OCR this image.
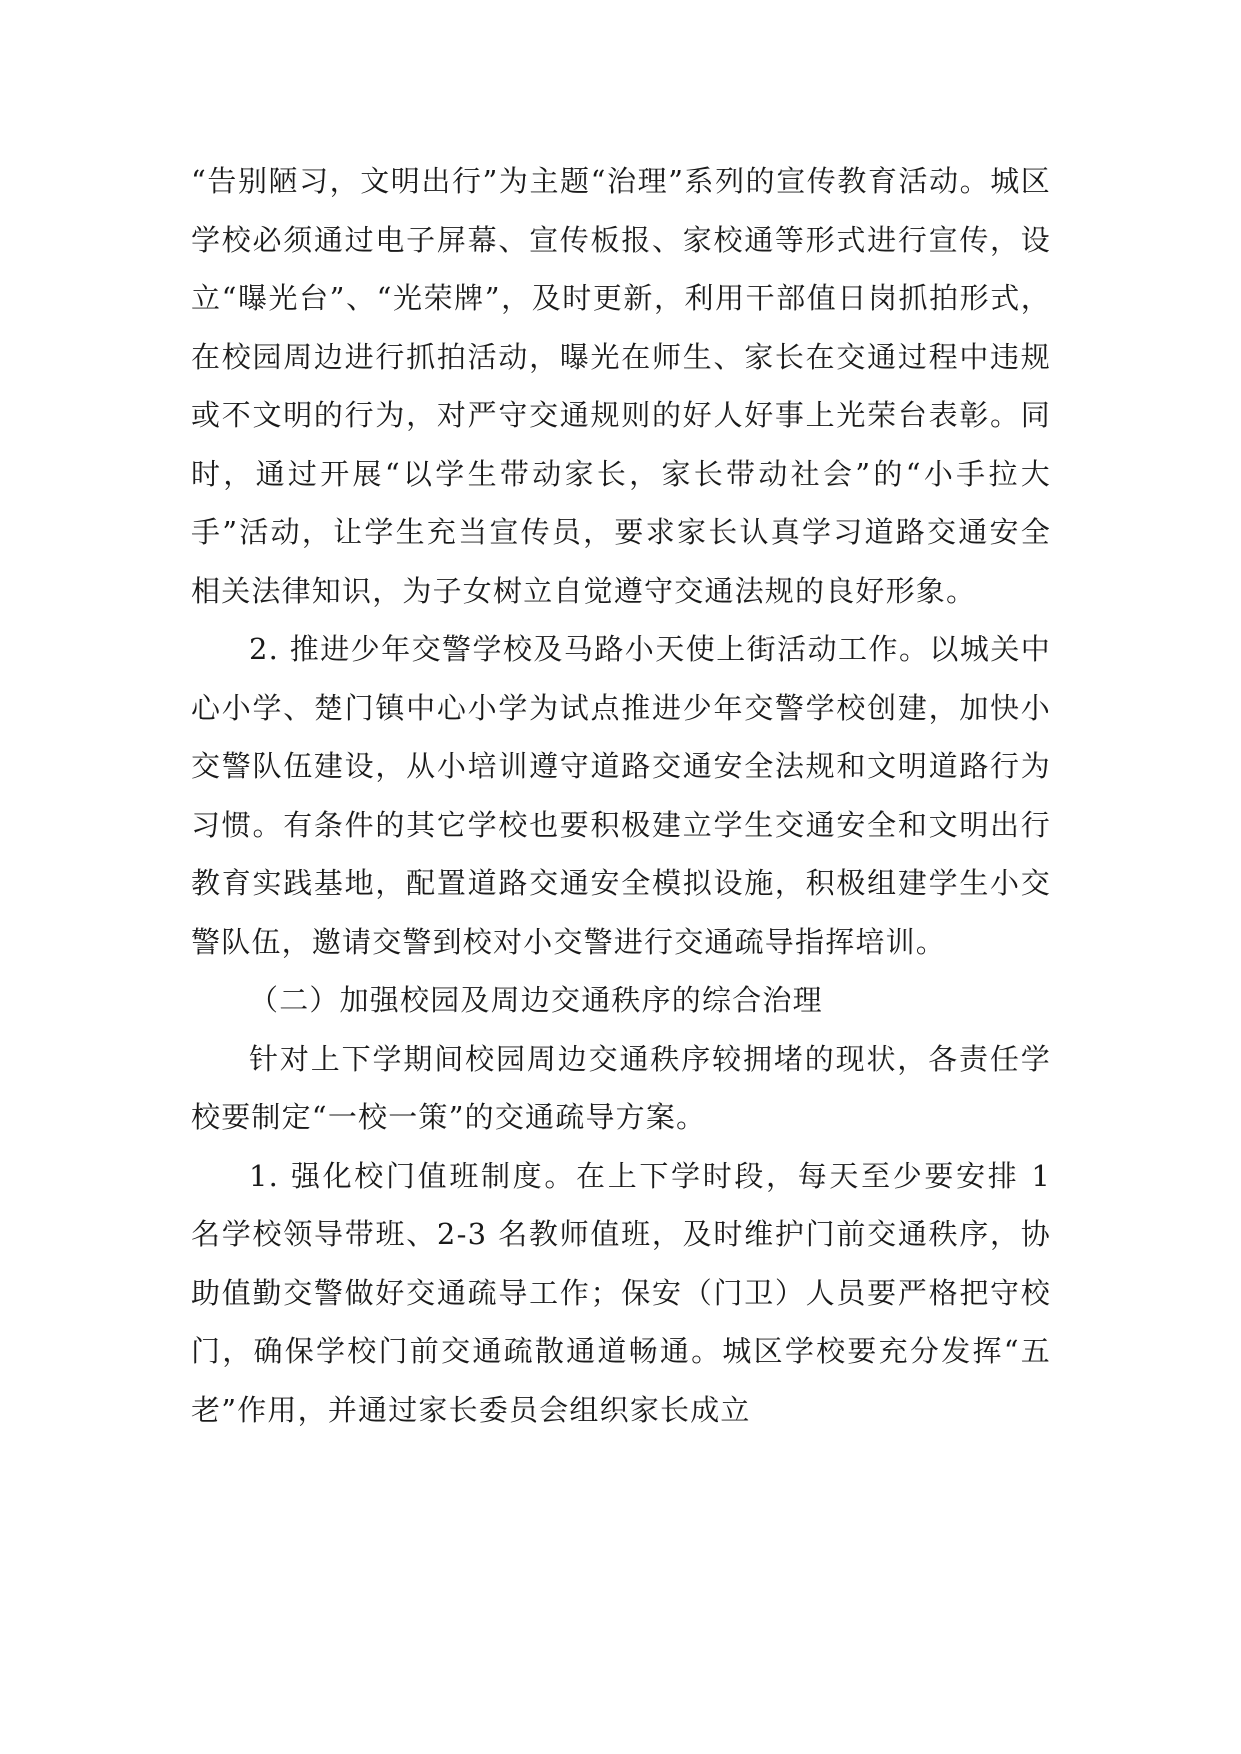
“告别陋习，文明出行”为主题“治理”系列的宣传教育活动。城区学校必须通过电子屏幕、宣传板报、家校通等形式进行宣传，设立“曝光台”、“光荣牌”，及时更新，利用干部值日岗抓拍形式，在校园周边进行抓拍活动，曝光在师生、家长在交通过程中违规或不文明的行为，对严守交通规则的好人好事上光荣台表彰。同时，通过开展“以学生带动家长，家长带动社会”的“小手拉大手”活动，让学生充当宣传员，要求家长认真学习道路交通安全相关法律知识，为子女树立自觉遵守交通法规的良好形象。

2. 推进少年交警学校及马路小天使上街活动工作。以城关中心小学、楚门镇中心小学为试点推进少年交警学校创建，加快小交警队伍建设，从小培训遵守道路交通安全法规和文明道路行为习惯。有条件的其它学校也要积极建立学生交通安全和文明出行教育实践基地，配置道路交通安全模拟设施，积极组建学生小交警队伍，邀请交警到校对小交警进行交通疏导指挥培训。

（二）加强校园及周边交通秩序的综合治理

针对上下学期间校园周边交通秩序较拥堵的现状，各责任学校要制定“一校一策”的交通疏导方案。

1. 强化校门值班制度。在上下学时段，每天至少要安排 1 名学校领导带班、2-3 名教师值班，及时维护门前交通秩序，协助值勤交警做好交通疏导工作；保安（门卫）人员要严格把守校门，确保学校门前交通疏散通道畅通。城区学校要充分发挥“五老”作用，并通过家长委员会组织家长成立
